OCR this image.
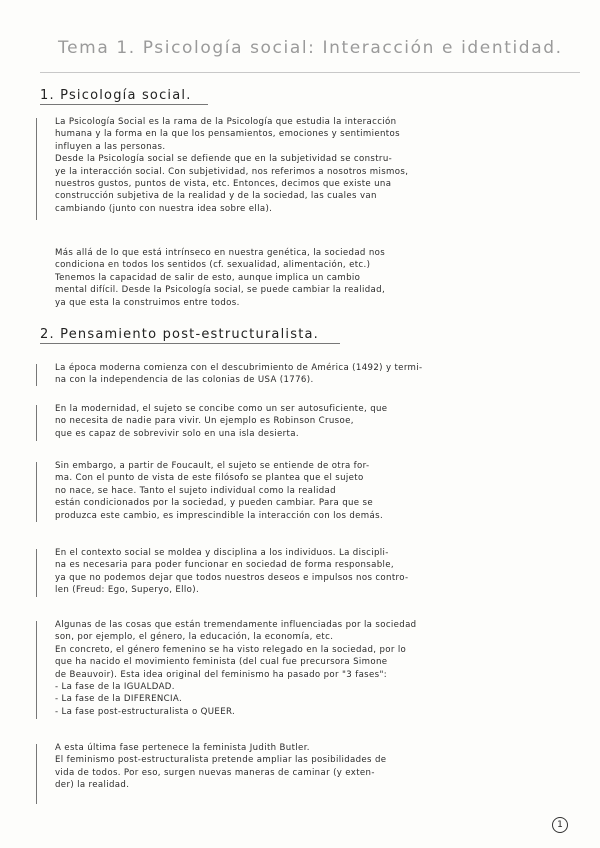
Tema 1. Psicología social: Interacción e identidad.
1. Psicología social.

La Psicología Social es la rama de la Psicología que estudia la interacción

humana y la forma en la que los pensamientos, emociones y sentimientos

influyen a las personas.

Desde la Psicología social se defiende que en la subjetividad se constru-

ye la interacción social. Con subjetividad, nos referimos a nosotros mismos,

nuestros gustos, puntos de vista, etc. Entonces, decimos que existe una

construcción subjetiva de la realidad y de la sociedad, las cuales van

cambiando (junto con nuestra idea sobre ella).

Más allá de lo que está intrínseco en nuestra genética, la sociedad nos

condiciona en todos los sentidos (cf. sexualidad, alimentación, etc.)

Tenemos la capacidad de salir de esto, aunque implica un cambio

mental difícil. Desde la Psicología social, se puede cambiar la realidad,

ya que esta la construimos entre todos.

2. Pensamiento post-estructuralista.

La época moderna comienza con el descubrimiento de América (1492) y termi-

na con la independencia de las colonias de USA (1776).

En la modernidad, el sujeto se concibe como un ser autosuficiente, que

no necesita de nadie para vivir. Un ejemplo es Robinson Crusoe,

que es capaz de sobrevivir solo en una isla desierta.

Sin embargo, a partir de Foucault, el sujeto se entiende de otra for-

ma. Con el punto de vista de este filósofo se plantea que el sujeto

no nace, se hace. Tanto el sujeto individual como la realidad

están condicionados por la sociedad, y pueden cambiar. Para que se

produzca este cambio, es imprescindible la interacción con los demás.

En el contexto social se moldea y disciplina a los individuos. La discipli-

na es necesaria para poder funcionar en sociedad de forma responsable,

ya que no podemos dejar que todos nuestros deseos e impulsos nos contro-

len (Freud: Ego, Superyo, Ello).

Algunas de las cosas que están tremendamente influenciadas por la sociedad

son, por ejemplo, el género, la educación, la economía, etc.

En concreto, el género femenino se ha visto relegado en la sociedad, por lo

que ha nacido el movimiento feminista (del cual fue precursora Simone

de Beauvoir). Esta idea original del feminismo ha pasado por "3 fases":

- La fase de la IGUALDAD.

- La fase de la DIFERENCIA.

- La fase post-estructuralista o QUEER.

A esta última fase pertenece la feminista Judith Butler.

El feminismo post-estructuralista pretende ampliar las posibilidades de

vida de todos. Por eso, surgen nuevas maneras de caminar (y exten-

der) la realidad.

1
